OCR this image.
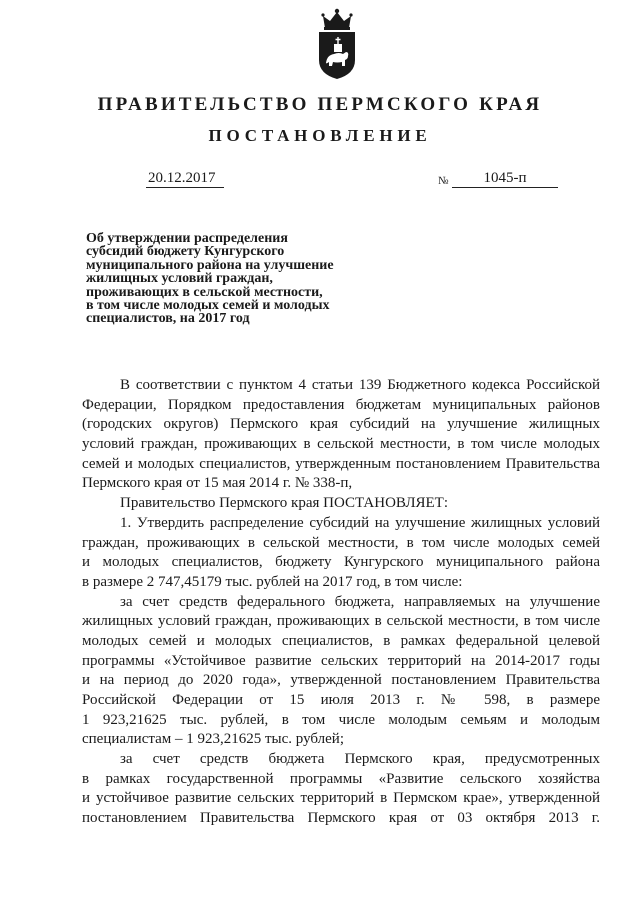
ПРАВИТЕЛЬСТВО ПЕРМСКОГО КРАЯ
ПОСТАНОВЛЕНИЕ
20.12.2017	№	1045-п
Об утверждении распределения
субсидий бюджету Кунгурского
муниципального района на улучшение
жилищных условий граждан,
проживающих в сельской местности,
в том числе молодых семей и молодых
специалистов, на 2017 год
В соответствии с пунктом 4 статьи 139 Бюджетного кодекса Российской
Федерации, Порядком предоставления бюджетам муниципальных районов
(городских округов) Пермского края субсидий на улучшение жилищных
условий граждан, проживающих в сельской местности, в том числе молодых
семей и молодых специалистов, утвержденным постановлением Правительства
Пермского края от 15 мая 2014 г. № 338-п,
Правительство Пермского края ПОСТАНОВЛЯЕТ:
1. Утвердить распределение субсидий на улучшение жилищных условий
граждан, проживающих в сельской местности, в том числе молодых семей
и молодых специалистов, бюджету Кунгурского муниципального района
в размере 2 747,45179 тыс. рублей на 2017 год, в том числе:
за счет средств федерального бюджета, направляемых на улучшение
жилищных условий граждан, проживающих в сельской местности, в том числе
молодых семей и молодых специалистов, в рамках федеральной целевой
программы «Устойчивое развитие сельских территорий на 2014-2017 годы
и на период до 2020 года», утвержденной постановлением Правительства
Российской Федерации от 15 июля 2013 г. № 598, в размере
1 923,21625 тыс. рублей, в том числе молодым семьям и молодым
специалистам – 1 923,21625 тыс. рублей;
за счет средств бюджета Пермского края, предусмотренных
в рамках государственной программы «Развитие сельского хозяйства
и устойчивое развитие сельских территорий в Пермском крае», утвержденной
постановлением Правительства Пермского края от 03 октября 2013 г.
